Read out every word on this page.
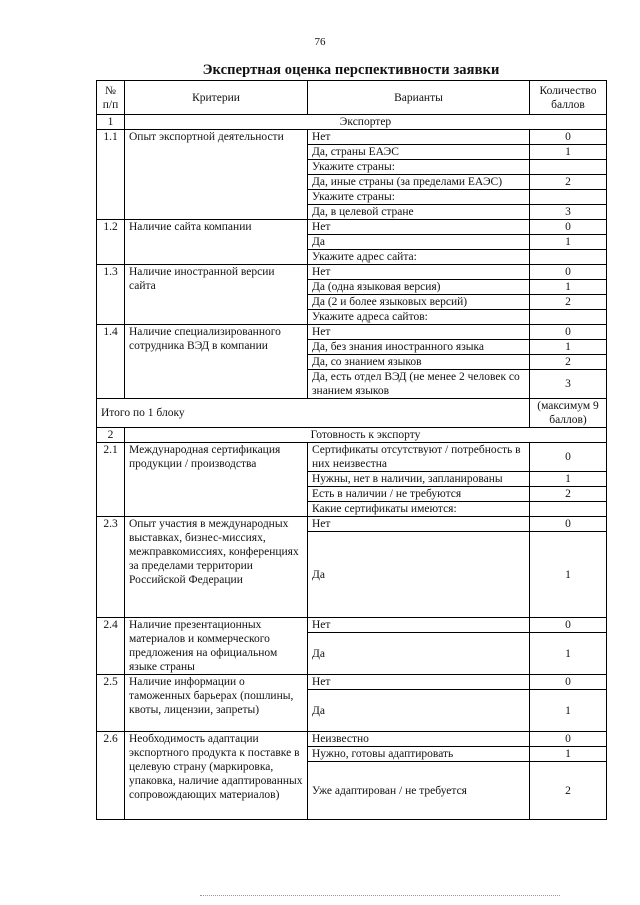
76
Экспертная оценка перспективности заявки
№ п/п	Критерии	Варианты	Количество баллов
1	Экспортер		
1.1	Опыт экспортной деятельности	Нет	0
		Да, страны ЕАЭС	1
		Укажите страны:	
		Да, иные страны (за пределами ЕАЭС)	2
		Укажите страны:	
		Да, в целевой стране	3
1.2	Наличие сайта компании	Нет	0
		Да	1
		Укажите адрес сайта:	
1.3	Наличие иностранной версии сайта	Нет	0
		Да (одна языковая версия)	1
		Да (2 и более языковых версий)	2
		Укажите адреса сайтов:	
1.4	Наличие специализированного сотрудника ВЭД в компании	Нет	0
		Да, без знания иностранного языка	1
		Да, со знанием языков	2
		Да, есть отдел ВЭД (не менее 2 человек со знанием языков	3
Итого по 1 блоку			(максимум 9 баллов)
2	Готовность к экспорту		
2.1	Международная сертификация продукции / производства	Сертификаты отсутствуют / потребность в них неизвестна	0
		Нужны, нет в наличии, запланированы	1
		Есть в наличии / не требуются	2
		Какие сертификаты имеются:	
2.3	Опыт участия в международных выставках, бизнес-миссиях, межправкомиссиях, конференциях за пределами территории Российской Федерации	Нет	0
		Да	1
2.4	Наличие презентационных материалов и коммерческого предложения на официальном языке страны	Нет	0
		Да	1
2.5	Наличие информации о таможенных барьерах (пошлины, квоты, лицензии, запреты)	Нет	0
		Да	1
2.6	Необходимость адаптации экспортного продукта к поставке в целевую страну (маркировка, упаковка, наличие адаптированных сопровождающих материалов)	Неизвестно	0
		Нужно, готовы адаптировать	1
		Уже адаптирован / не требуется	2
